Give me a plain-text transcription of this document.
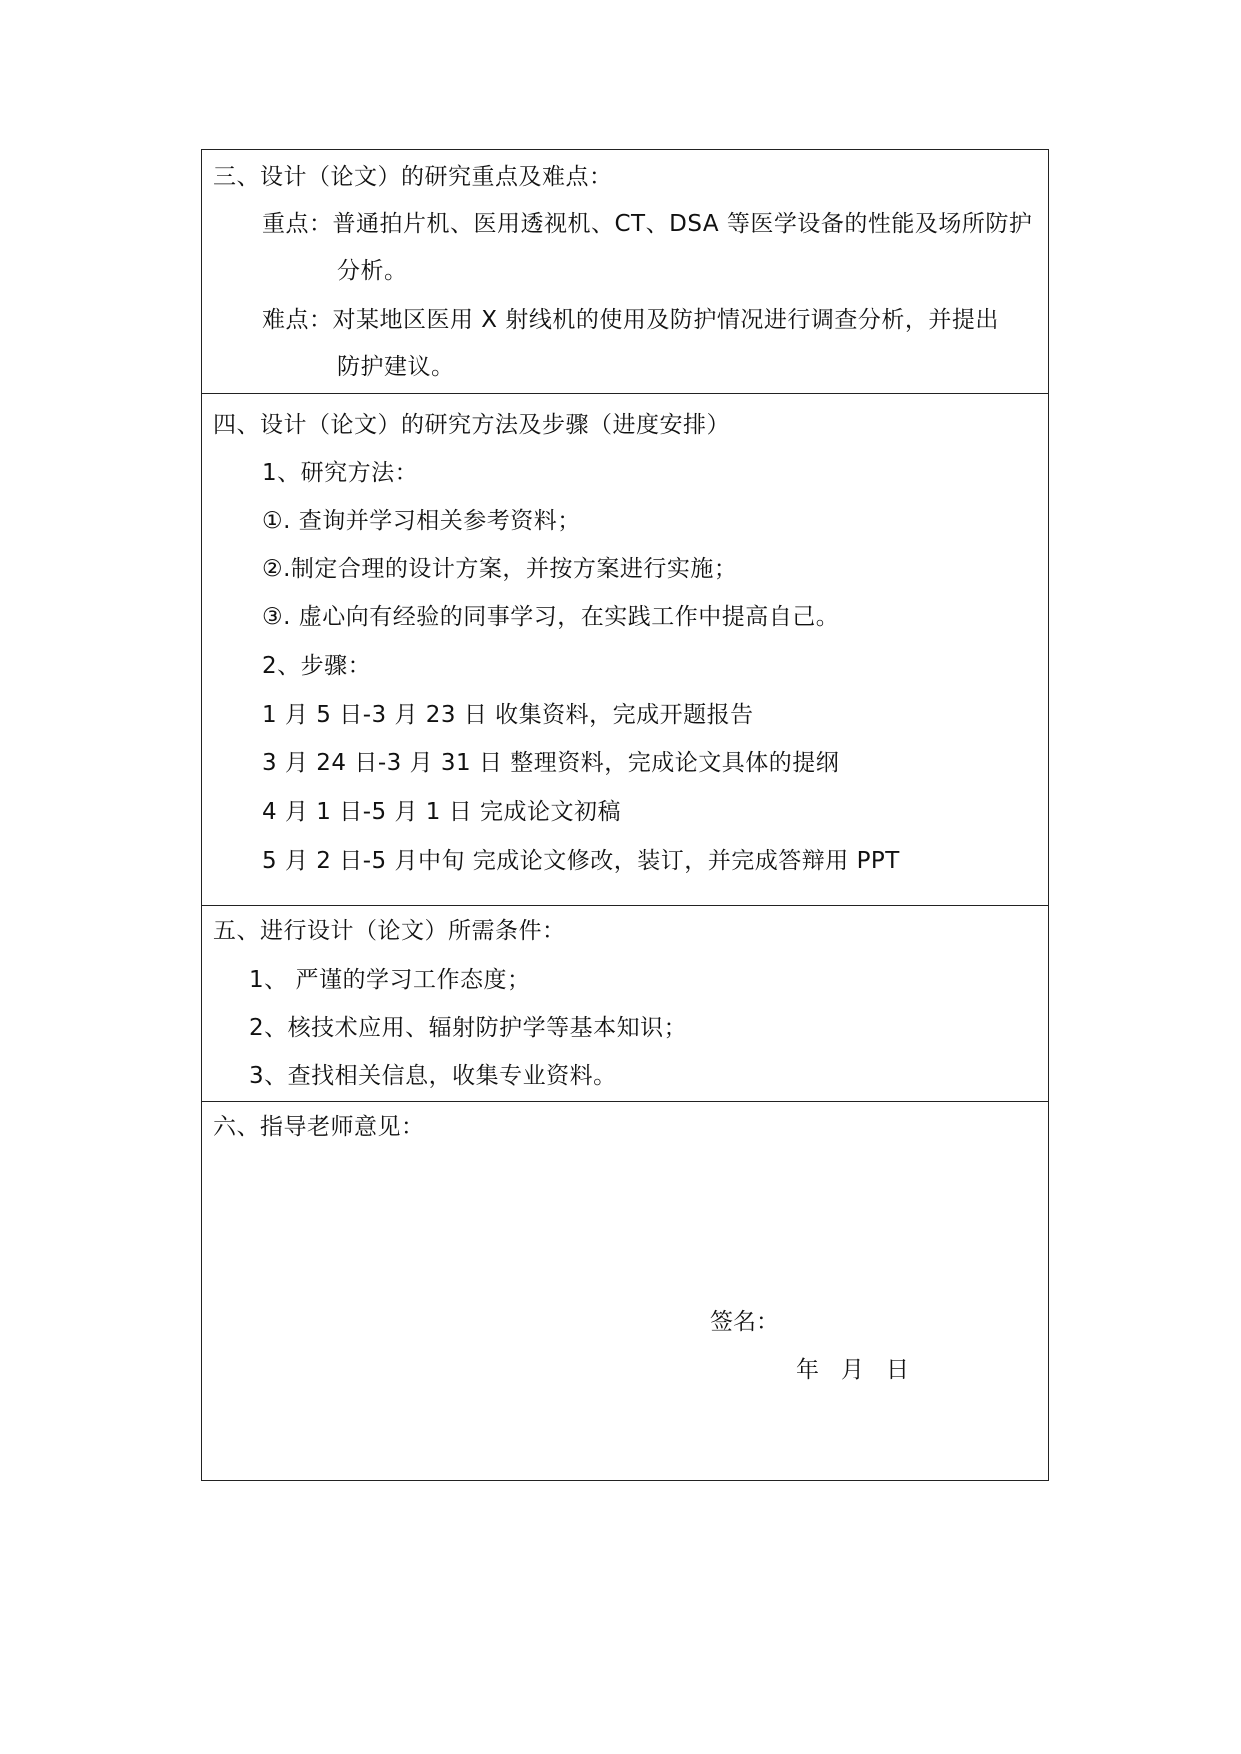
三、设计（论文）的研究重点及难点：
重点：普通拍片机、医用透视机、CT、DSA 等医学设备的性能及场所防护
分析。
难点：对某地区医用 X 射线机的使用及防护情况进行调查分析，并提出
防护建议。
四、设计（论文）的研究方法及步骤（进度安排）
1、研究方法：
①. 查询并学习相关参考资料；
②.制定合理的设计方案，并按方案进行实施；
③. 虚心向有经验的同事学习，在实践工作中提高自己。
2、步骤：
1 月 5 日-3 月 23 日 收集资料，完成开题报告
3 月 24 日-3 月 31 日 整理资料，完成论文具体的提纲
4 月 1 日-5 月 1 日 完成论文初稿
5 月 2 日-5 月中旬 完成论文修改，装订，并完成答辩用 PPT
五、进行设计（论文）所需条件：
1、 严谨的学习工作态度；
2、核技术应用、辐射防护学等基本知识；
3、查找相关信息，收集专业资料。
六、指导老师意见：
签名：
年 月 日
